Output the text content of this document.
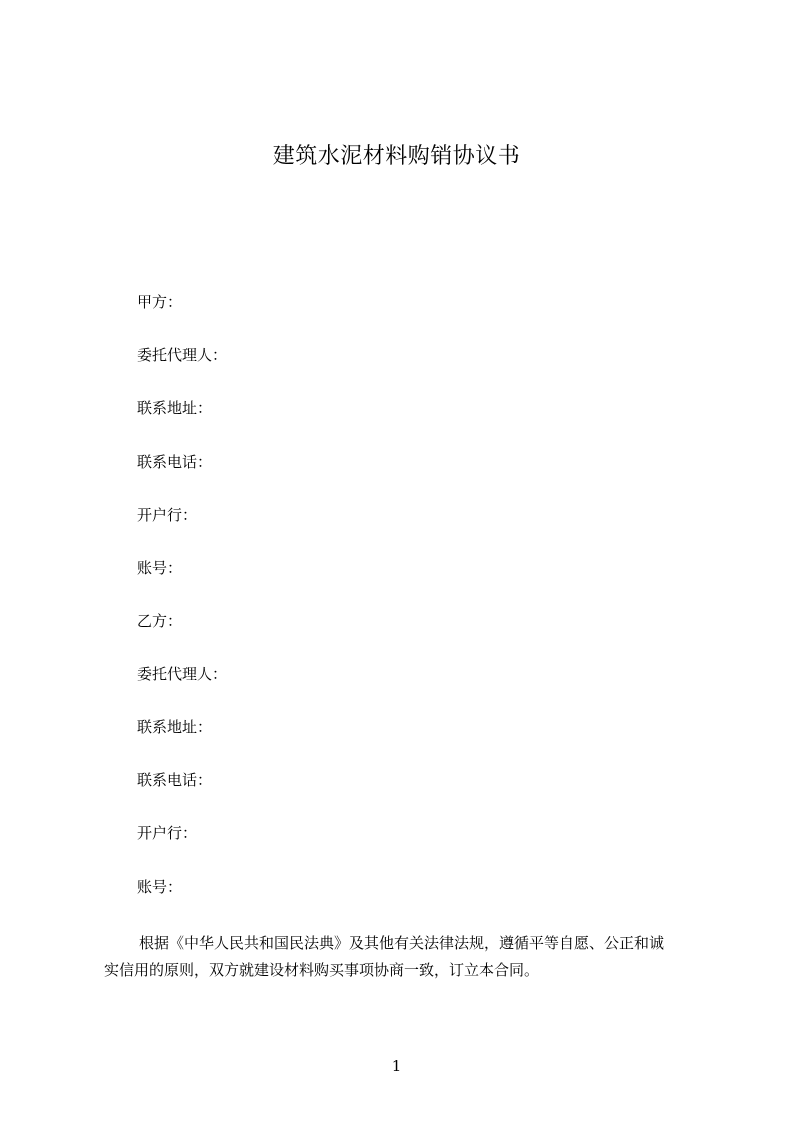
建筑水泥材料购销协议书
甲方：
委托代理人：
联系地址：
联系电话：
开户行：
账号：
乙方：
委托代理人：
联系地址：
联系电话：
开户行：
账号：
根据《中华人民共和国民法典》及其他有关法律法规，遵循平等自愿、公正和诚
实信用的原则，双方就建设材料购买事项协商一致，订立本合同。
1
